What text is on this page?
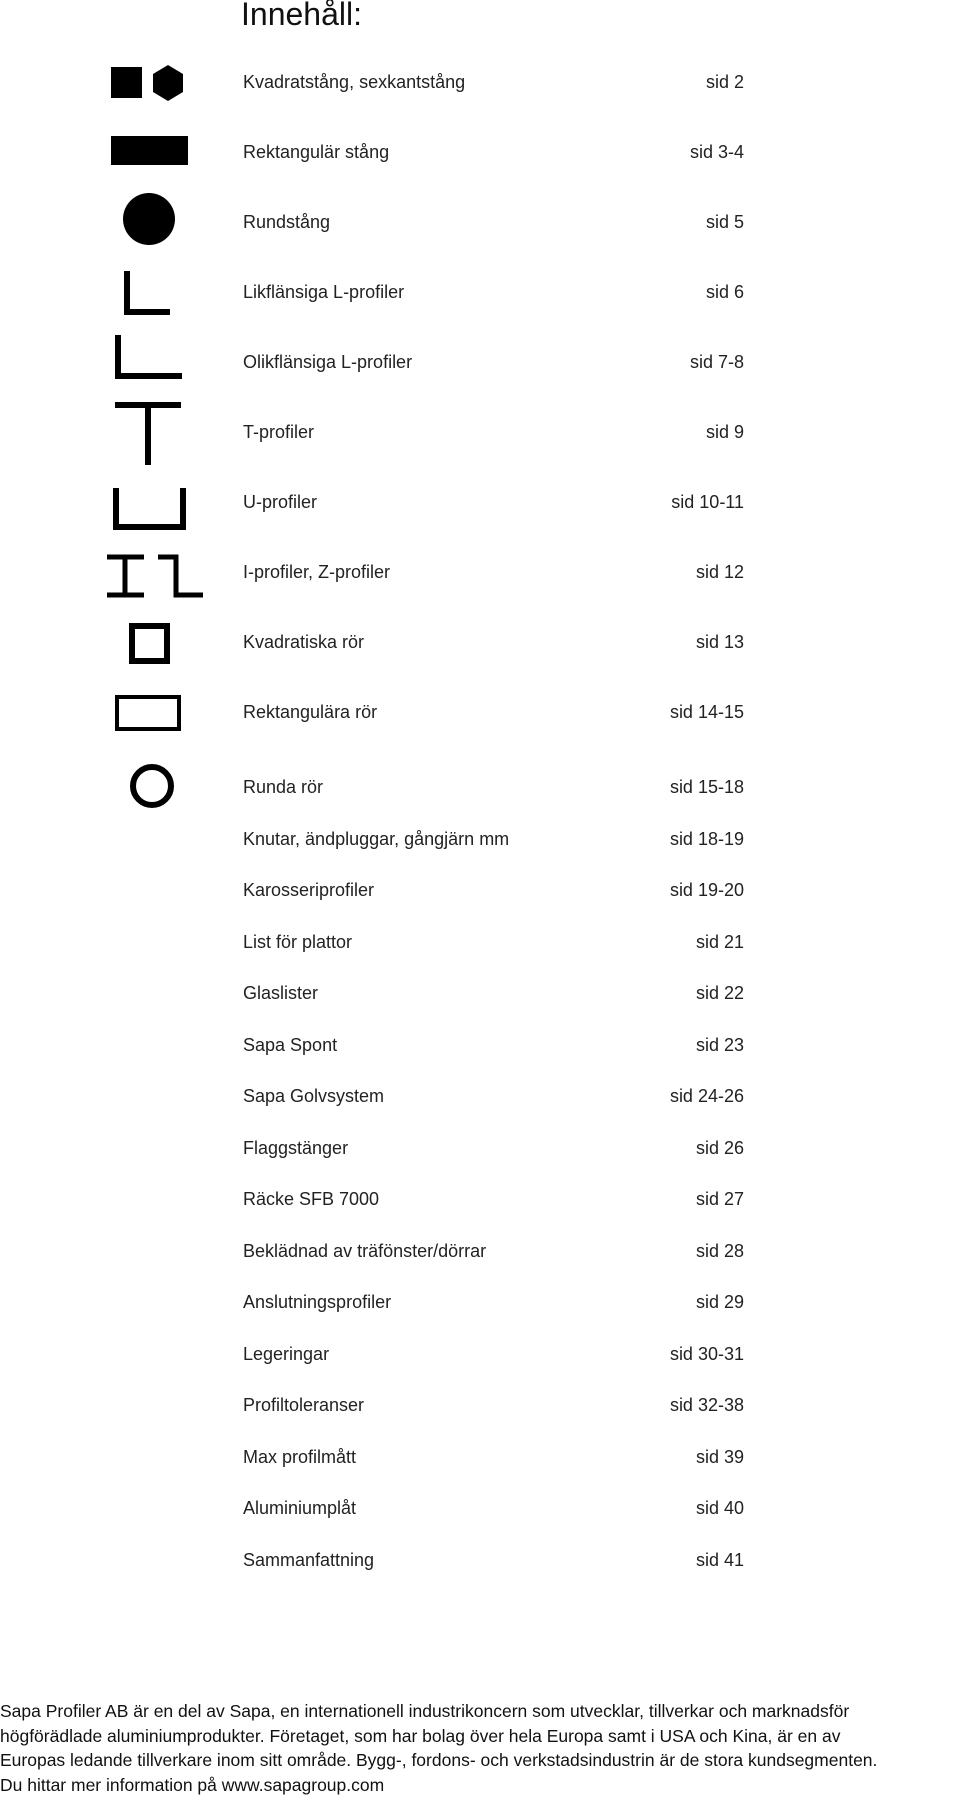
Innehåll:
Kvadratstång, sexkantstång	sid 2
Rektangulär stång	sid 3-4
Rundstång	sid 5
Likflänsiga L-profiler	sid 6
Olikflänsiga L-profiler	sid 7-8
T-profiler	sid 9
U-profiler	sid 10-11
I-profiler, Z-profiler	sid 12
Kvadratiska rör	sid 13
Rektangulära rör	sid 14-15
Runda rör	sid 15-18
Knutar, ändpluggar, gångjärn mm	sid 18-19
Karosseriprofiler	sid 19-20
List för plattor	sid 21
Glaslister	sid 22
Sapa Spont	sid 23
Sapa Golvsystem	sid 24-26
Flaggstänger	sid 26
Räcke SFB 7000	sid 27
Beklädnad av träfönster/dörrar	sid 28
Anslutningsprofiler	sid 29
Legeringar	sid 30-31
Profiltoleranser	sid 32-38
Max profilmått	sid 39
Aluminiumplåt	sid 40
Sammanfattning	sid 41
Sapa Profiler AB är en del av Sapa, en internationell industrikoncern som utvecklar, tillverkar och marknadsför
högförädlade aluminiumprodukter. Företaget, som har bolag över hela Europa samt i USA och Kina, är en av
Europas ledande tillverkare inom sitt område. Bygg-, fordons- och verkstadsindustrin är de stora kundsegmenten.
Du hittar mer information på www.sapagroup.com
